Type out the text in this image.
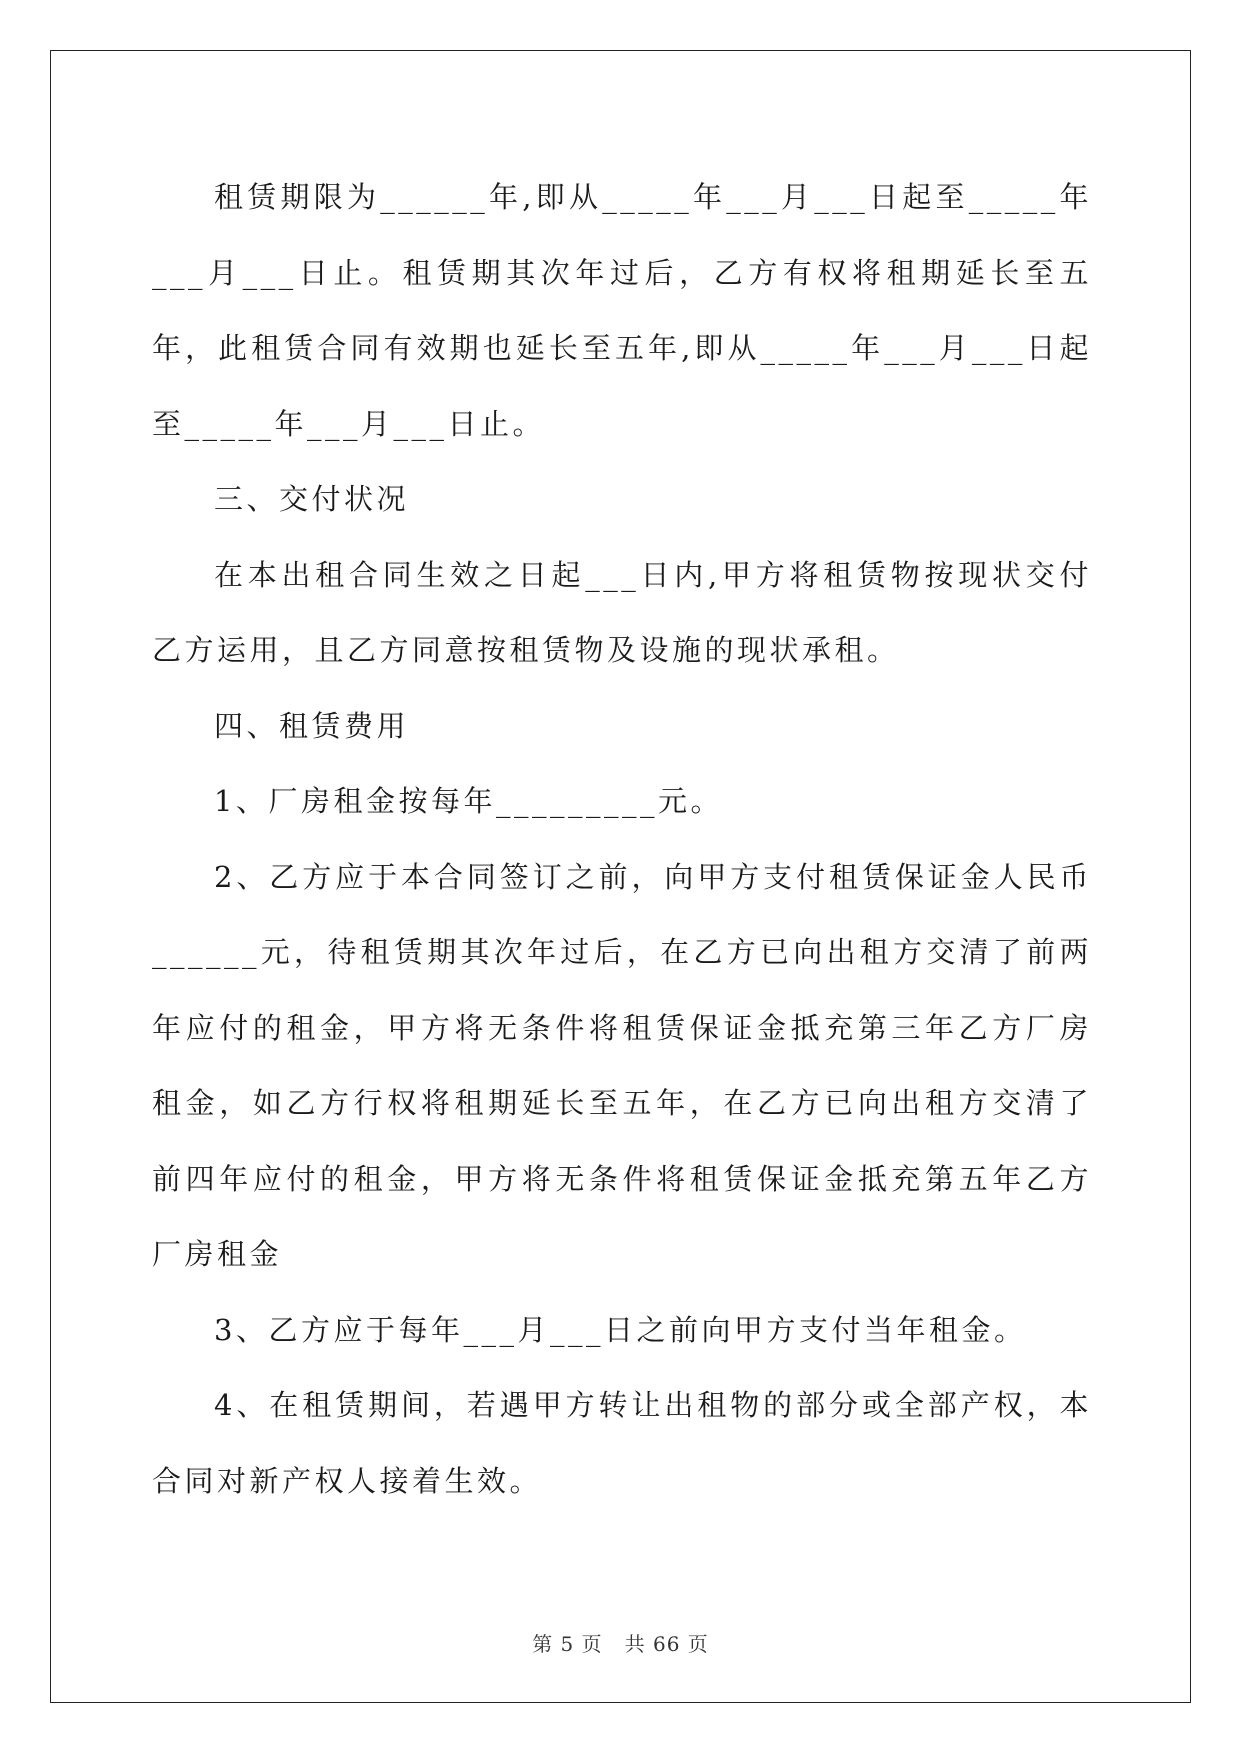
租赁期限为______年,即从_____年___月___日起至_____年___月___日止。租赁期其次年过后，乙方有权将租期延长至五年，此租赁合同有效期也延长至五年,即从_____年___月___日起至_____年___月___日止。

三、交付状况

在本出租合同生效之日起___日内,甲方将租赁物按现状交付乙方运用，且乙方同意按租赁物及设施的现状承租。

四、租赁费用

1、厂房租金按每年_________元。

2、乙方应于本合同签订之前，向甲方支付租赁保证金人民币______元，待租赁期其次年过后，在乙方已向出租方交清了前两年应付的租金，甲方将无条件将租赁保证金抵充第三年乙方厂房租金，如乙方行权将租期延长至五年，在乙方已向出租方交清了前四年应付的租金，甲方将无条件将租赁保证金抵充第五年乙方厂房租金

3、乙方应于每年___月___日之前向甲方支付当年租金。

4、在租赁期间，若遇甲方转让出租物的部分或全部产权，本合同对新产权人接着生效。

第 5 页 共 66 页
